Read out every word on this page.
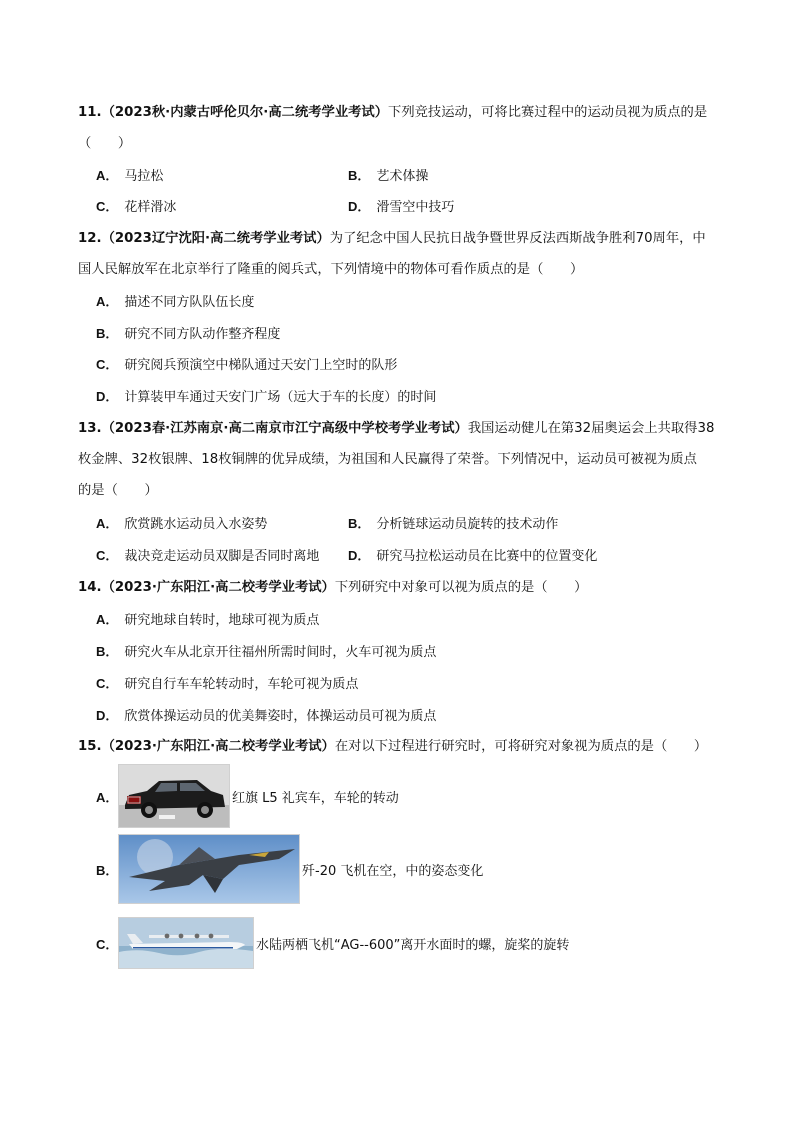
11.（2023秋·内蒙古呼伦贝尔·高二统考学业考试）下列竞技运动，可将比赛过程中的运动员视为质点的是
（　　）
A． 马拉松	B． 艺术体操
C． 花样滑冰	D． 滑雪空中技巧
12.（2023辽宁沈阳·高二统考学业考试）为了纪念中国人民抗日战争暨世界反法西斯战争胜利70周年，中
国人民解放军在北京举行了隆重的阅兵式，下列情境中的物体可看作质点的是（　　）
A． 描述不同方队队伍长度
B． 研究不同方队动作整齐程度
C． 研究阅兵预演空中梯队通过天安门上空时的队形
D． 计算装甲车通过天安门广场（远大于车的长度）的时间
13.（2023春·江苏南京·高二南京市江宁高级中学校考学业考试）我国运动健儿在第32届奥运会上共取得38
枚金牌、32枚银牌、18枚铜牌的优异成绩，为祖国和人民赢得了荣誉。下列情况中，运动员可被视为质点
的是（　　）
A． 欣赏跳水运动员入水姿势	B． 分析链球运动员旋转的技术动作
C． 裁决竞走运动员双脚是否同时离地 D． 研究马拉松运动员在比赛中的位置变化
14.（2023·广东阳江·高二校考学业考试）下列研究中对象可以视为质点的是（　　）
A． 研究地球自转时，地球可视为质点
B． 研究火车从北京开往福州所需时间时，火车可视为质点
C． 研究自行车车轮转动时，车轮可视为质点
D． 欣赏体操运动员的优美舞姿时，体操运动员可视为质点
15.（2023·广东阳江·高二校考学业考试）在对以下过程进行研究时，可将研究对象视为质点的是（　　）
A．	红旗 L5 礼宾车，车轮的转动
B．	歼-20 飞机在空，中的姿态变化
C．	水陆两栖飞机“AG--600”离开水面时的螺，旋桨的旋转
